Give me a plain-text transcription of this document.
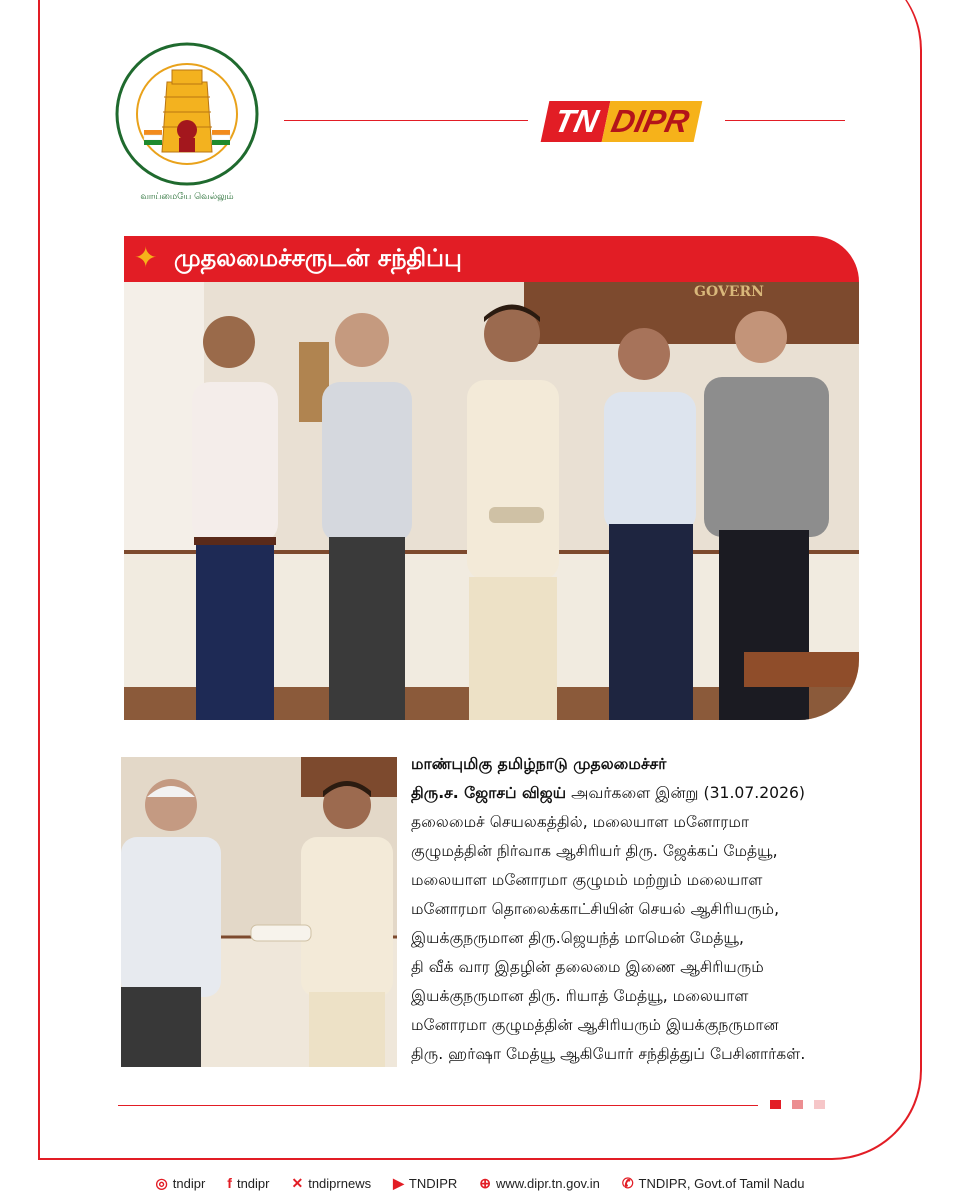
வாய்மையே வெல்லும்
TN DIPR
✦ முதலமைச்சருடன் சந்திப்பு
GOVERN
மாண்புமிகு தமிழ்நாடு முதலமைச்சர்
திரு.ச. ஜோசப் விஜய் அவர்களை இன்று (31.07.2026)
தலைமைச் செயலகத்தில், மலையாள மனோரமா
குழுமத்தின் நிர்வாக ஆசிரியர் திரு. ஜேக்கப் மேத்யூ,
மலையாள மனோரமா குழுமம் மற்றும் மலையாள
மனோரமா தொலைக்காட்சியின் செயல் ஆசிரியரும்,
இயக்குநருமான திரு.ஜெயந்த் மாமென் மேத்யூ,
தி வீக் வார இதழின் தலைமை இணை ஆசிரியரும்
இயக்குநருமான திரு. ரியாத் மேத்யூ, மலையாள
மனோரமா குழுமத்தின் ஆசிரியரும் இயக்குநருமான
திரு. ஹர்ஷா மேத்யூ ஆகியோர் சந்தித்துப் பேசினார்கள்.
◎ tndipr f tndipr ✕ tndiprnews ▶ TNDIPR ⊕ www.dipr.tn.gov.in ✆ TNDIPR, Govt.of Tamil Nadu
